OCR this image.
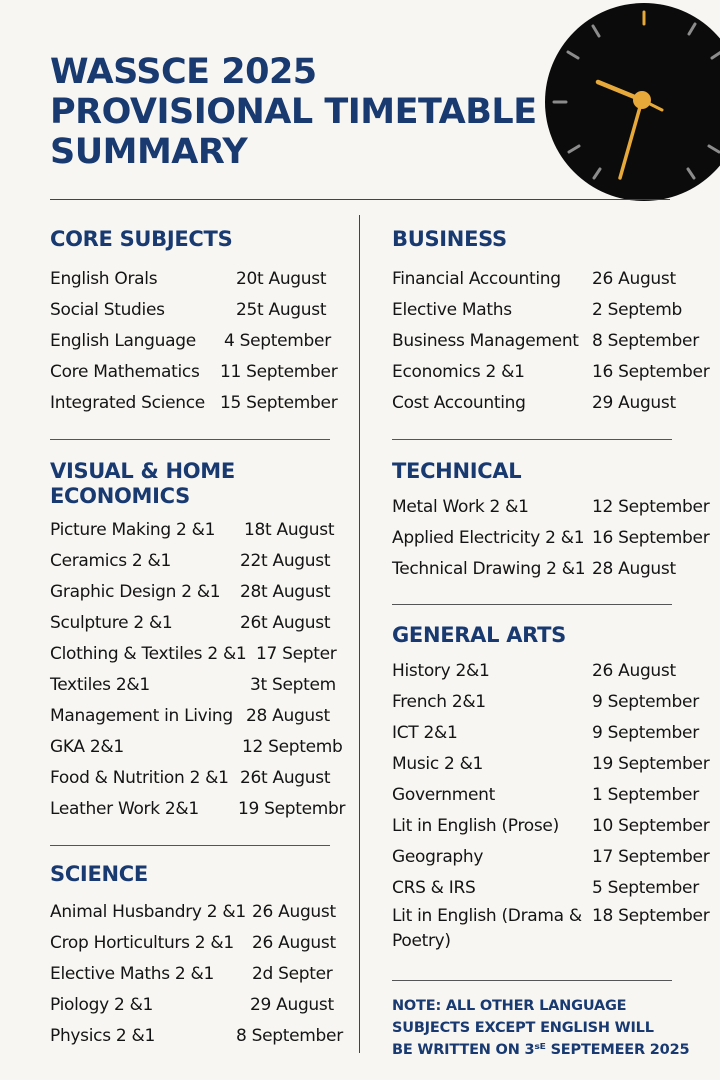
WASSCE 2025
PROVISIONAL TIMETABLE
SUMMARY
CORE SUBJECTS
English Orals	20t August
Social Studies	25t August
English Language 4 September
Core Mathematics 11 September
Integrated Science 15 September
VISUAL & HOME
ECONOMICS
Picture Making 2 &1 18t August
Ceramics 2 &1	22t August
Graphic Design 2 &1 28t August
Sculpture 2 &1	26t August
Clothing & Textiles 2 &1 17 Septer
Textiles 2&1	3t Septem
Management in Living 28 August
GKA 2&1	12 Septemb
Food & Nutrition 2 &1 26t August
Leather Work 2&1 19 Septembr
SCIENCE
Animal Husbandry 2 &1 26 August
Crop Horticulturs 2 &1 26 August
Elective Maths 2 &1 2d Septer
Piology 2 &1	29 August
Physics 2 &1	8 September
BUSINESS
Financial Accounting 26 August
Elective Maths	2 Septemb
Business Management 8 September
Economics 2 &1	16 September
Cost Accounting	29 August
TECHNICAL
Metal Work 2 &1	12 September
Applied Electricity 2 &1 16 September
Technical Drawing 2 &1 28 August
GENERAL ARTS
History 2&1	26 August
French 2&1	9 September
ICT 2&1	9 September
Music 2 &1	19 September
Government	1 September
Lit in English (Prose) 10 September
Geography	17 September
CRS & IRS	5 September
Lit in English (Drama & Poetry)
18 September
NOTE: ALL OTHER LANGUAGE
SUBJECTS EXCEPT ENGLISH WILL
BE WRITTEN ON 3ˢᴱ SEPTEMEER 2025
